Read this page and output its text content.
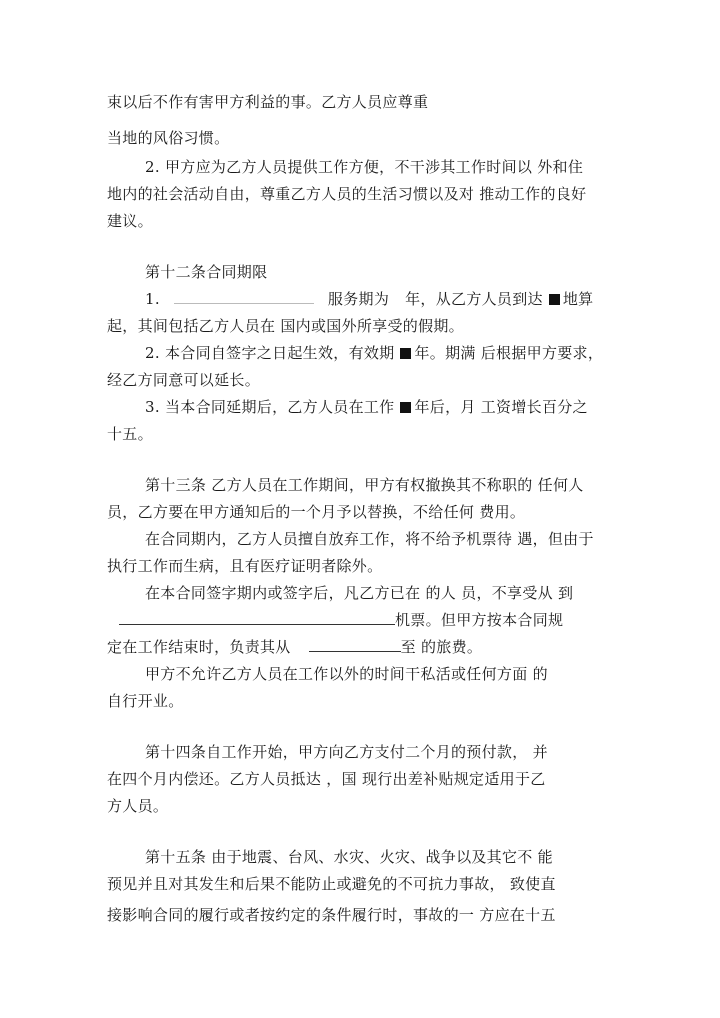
束以后不作有害甲方利益的事。乙方人员应尊重
当地的风俗习惯。
2. 甲方应为乙方人员提供工作方便，不干涉其工作时间以 外和住
地内的社会活动自由，尊重乙方人员的生活习惯以及对 推动工作的良好
建议。
第十二条合同期限
1.	服务期为 年，从乙方人员到达 地算
起，其间包括乙方人员在 国内或国外所享受的假期。
2. 本合同自签字之日起生效，有效期 年。期满 后根据甲方要求，
经乙方同意可以延长。
3. 当本合同延期后，乙方人员在工作 年后，月 工资增长百分之
十五。
第十三条 乙方人员在工作期间，甲方有权撤换其不称职的 任何人
员，乙方要在甲方通知后的一个月予以替换，不给任何 费用。
在合同期内，乙方人员擅自放弃工作，将不给予机票待 遇，但由于
执行工作而生病，且有医疗证明者除外。
在本合同签字期内或签字后，凡乙方已在 的人 员，不享受从 到
机票。但甲方按本合同规
定在工作结束时，负责其从	至 的旅费。
甲方不允许乙方人员在工作以外的时间干私活或任何方面 的
自行开业。
第十四条自工作开始，甲方向乙方支付二个月的预付款， 并
在四个月内偿还。乙方人员抵达 ，国 现行出差补贴规定适用于乙
方人员。
第十五条 由于地震、台风、水灾、火灾、战争以及其它不 能
预见并且对其发生和后果不能防止或避免的不可抗力事故， 致使直
接影响合同的履行或者按约定的条件履行时，事故的一 方应在十五
